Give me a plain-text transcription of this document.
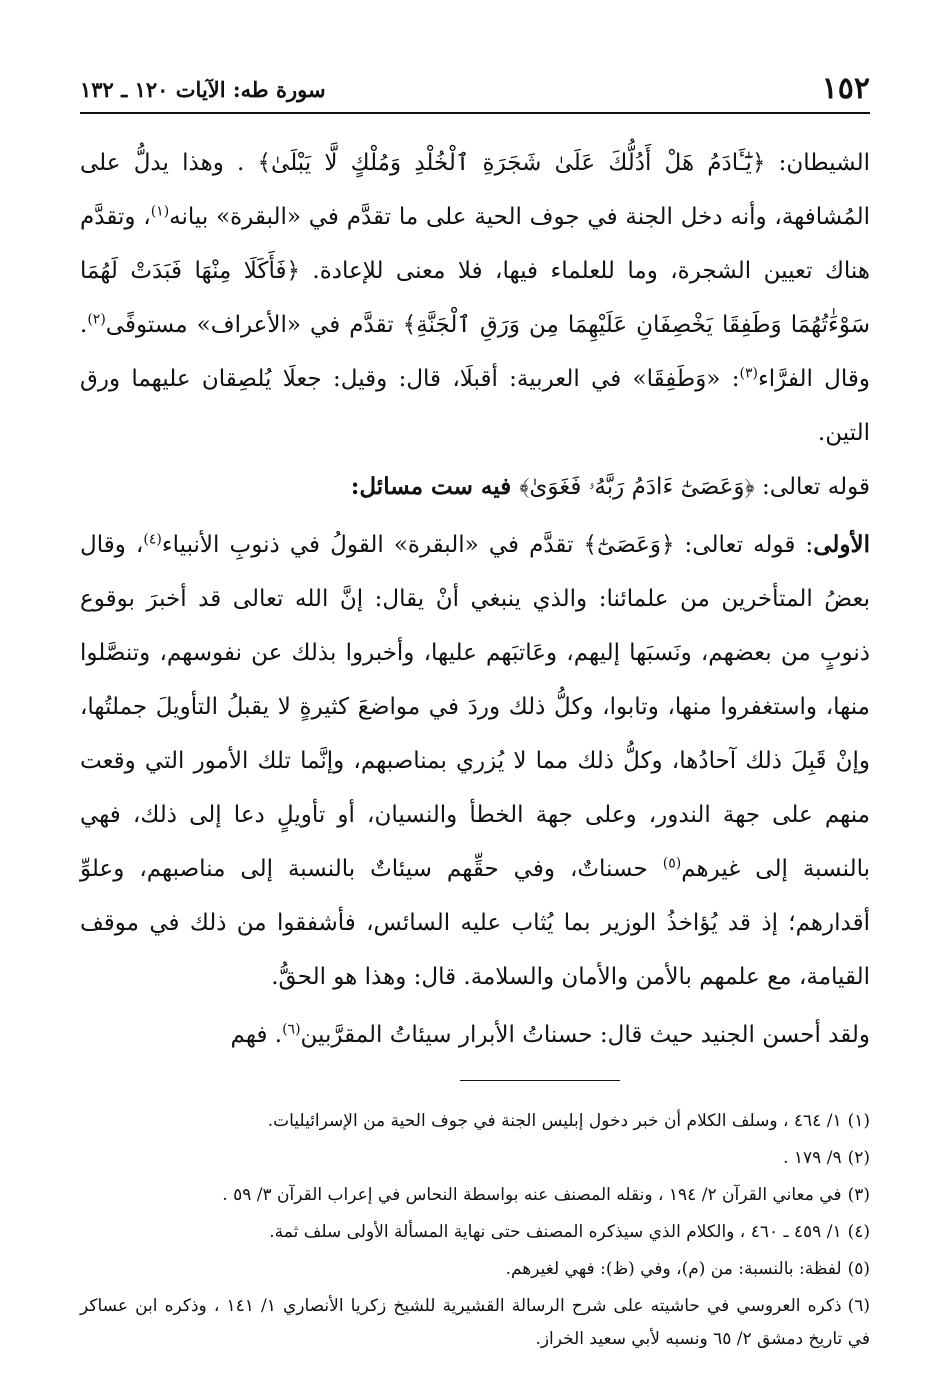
١٥٢
سورة طه: الآيات ١٢٠ ـ ١٣٢

الشيطان: ﴿يَٰٓـَٔادَمُ هَلْ أَدُلُّكَ عَلَىٰ شَجَرَةِ ٱلْخُلْدِ وَمُلْكٍ لَّا يَبْلَىٰ﴾ . وهذا يدلُّ على المُشافهة، وأنه دخل الجنة في جوف الحية على ما تقدَّم في «البقرة» بيانه$^{(١)}$، وتقدَّم هناك تعيين الشجرة، وما للعلماء فيها، فلا معنى للإعادة. ﴿فَأَكَلَا مِنْهَا فَبَدَتْ لَهُمَا سَوْءَٰتُهُمَا وَطَفِقَا يَخْصِفَانِ عَلَيْهِمَا مِن وَرَقِ ٱلْجَنَّةِ﴾ تقدَّم في «الأعراف» مستوفًى$^{(٢)}$. وقال الفرَّاء$^{(٣)}$: «وَطَفِقَا» في العربية: أقبلَا، قال: وقيل: جعلَا يُلصِقان عليهما ورق التين.

قوله تعالى: ﴿وَعَصَىٰٓ ءَادَمُ رَبَّهُۥ فَغَوَىٰ﴾ فيه ست مسائل:

الأولى: قوله تعالى: ﴿وَعَصَىٰٓ﴾ تقدَّم في «البقرة» القولُ في ذنوبِ الأنبياء$^{(٤)}$، وقال بعضُ المتأخرين من علمائنا: والذي ينبغي أنْ يقال: إنَّ الله تعالى قد أخبرَ بوقوع ذنوبٍ من بعضهم، ونَسبَها إليهم، وعَاتبَهم عليها، وأخبروا بذلك عن نفوسهم، وتنصَّلوا منها، واستغفروا منها، وتابوا، وكلُّ ذلك وردَ في مواضعَ كثيرةٍ لا يقبلُ التأويلَ جملتُها، وإنْ قَبِلَ ذلك آحادُها، وكلُّ ذلك مما لا يُزري بمناصبهم، وإنَّما تلك الأمور التي وقعت منهم على جهة الندور، وعلى جهة الخطأ والنسيان، أو تأويلٍ دعا إلى ذلك، فهي بالنسبة إلى غيرهم$^{(٥)}$ حسناتٌ، وفي حقِّهم سيئاتٌ بالنسبة إلى مناصبهم، وعلوِّ أقدارهم؛ إذ قد يُؤاخذُ الوزير بما يُثاب عليه السائس، فأشفقوا من ذلك في موقف القيامة، مع علمهم بالأمن والأمان والسلامة. قال: وهذا هو الحقُّ.

ولقد أحسن الجنيد حيث قال: حسناتُ الأبرار سيئاتُ المقرَّبين$^{(٦)}$. فهم

(١)١/ ٤٦٤ ، وسلف الكلام أن خبر دخول إبليس الجنة في جوف الحية من الإسرائيليات.

(٢)٩/ ١٧٩ .

(٣)في معاني القرآن ٢/ ١٩٤ ، ونقله المصنف عنه بواسطة النحاس في إعراب القرآن ٣/ ٥٩ .

(٤)١/ ٤٥٩ ـ ٤٦٠ ، والكلام الذي سيذكره المصنف حتى نهاية المسألة الأولى سلف ثمة.

(٥)لفظة: بالنسبة: من (م)، وفي (ظ): فهي لغيرهم.

(٦)ذكره العروسي في حاشيته على شرح الرسالة القشيرية للشيخ زكريا الأنصاري ١/ ١٤١ ، وذكره ابن عساكر في تاريخ دمشق ٢/ ٦٥ ونسبه لأبي سعيد الخراز.
